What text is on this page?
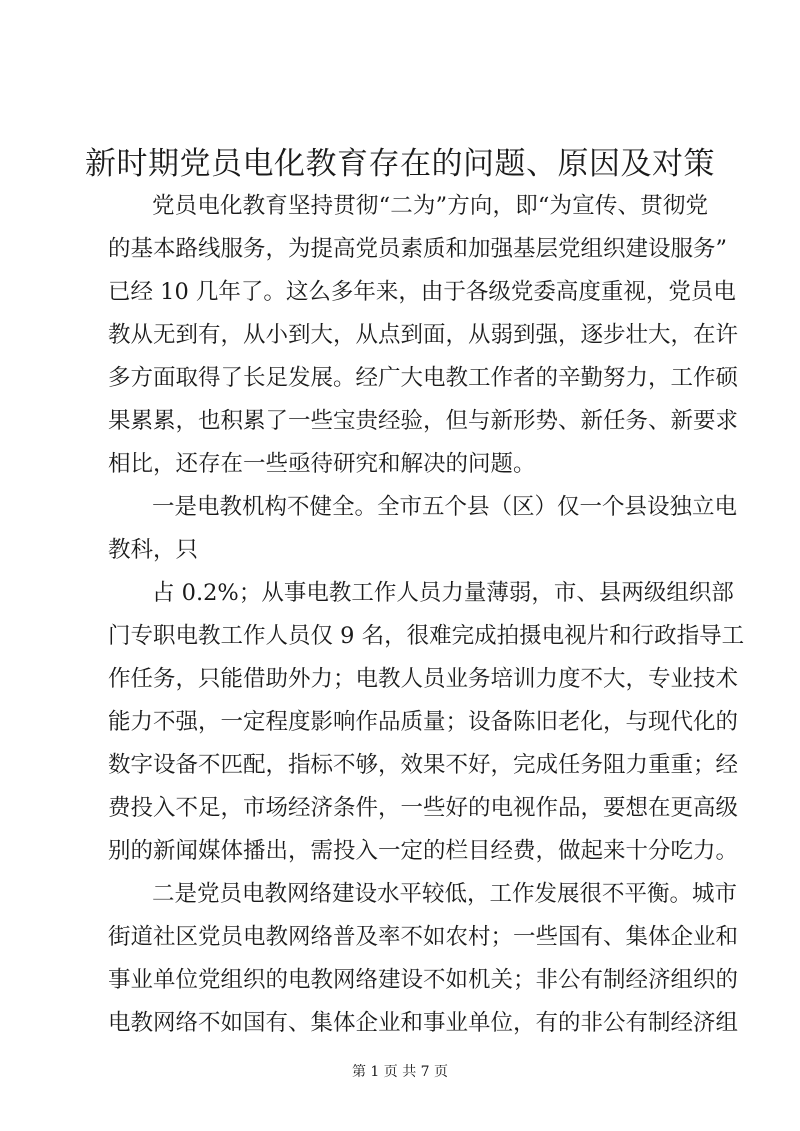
新时期党员电化教育存在的问题、原因及对策

党员电化教育坚持贯彻“二为”方向，即“为宣传、贯彻党

的基本路线服务，为提高党员素质和加强基层党组织建设服务”

已经 10 几年了。这么多年来，由于各级党委高度重视，党员电

教从无到有，从小到大，从点到面，从弱到强，逐步壮大，在许

多方面取得了长足发展。经广大电教工作者的辛勤努力，工作硕

果累累，也积累了一些宝贵经验，但与新形势、新任务、新要求

相比，还存在一些亟待研究和解决的问题。

一是电教机构不健全。全市五个县（区）仅一个县设独立电

教科，只

占 0.2%；从事电教工作人员力量薄弱，市、县两级组织部

门专职电教工作人员仅 9 名，很难完成拍摄电视片和行政指导工

作任务，只能借助外力；电教人员业务培训力度不大，专业技术

能力不强，一定程度影响作品质量；设备陈旧老化，与现代化的

数字设备不匹配，指标不够，效果不好，完成任务阻力重重；经

费投入不足，市场经济条件，一些好的电视作品，要想在更高级

别的新闻媒体播出，需投入一定的栏目经费，做起来十分吃力。

二是党员电教网络建设水平较低，工作发展很不平衡。城市

街道社区党员电教网络普及率不如农村；一些国有、集体企业和

事业单位党组织的电教网络建设不如机关；非公有制经济组织的

电教网络不如国有、集体企业和事业单位，有的非公有制经济组

第 1 页 共 7 页
